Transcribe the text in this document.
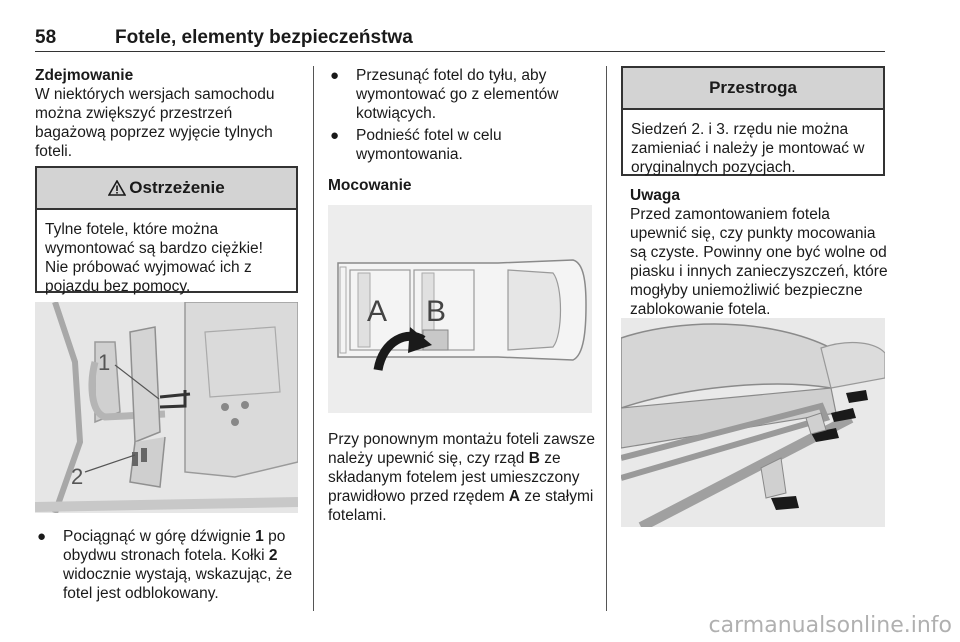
58	Fotele, elementy bezpieczeństwa
Zdejmowanie
W niektórych wersjach samochodu można zwiększyć przestrzeń bagażową poprzez wyjęcie tylnych foteli.
Ostrzeżenie
Tylne fotele, które można wymontować są bardzo ciężkie! Nie próbować wyjmować ich z pojazdu bez pomocy.
1
2
●	Pociągnąć w górę dźwignie 1 po obydwu stronach fotela. Kołki 2 widocznie wystają, wskazując, że fotel jest odblokowany.
●	Przesunąć fotel do tyłu, aby wymontować go z elementów kotwiących.
●	Podnieść fotel w celu wymontowania.
Mocowanie
A B
Przy ponownym montażu foteli zawsze należy upewnić się, czy rząd B ze składanym fotelem jest umieszczony prawidłowo przed rzędem A ze stałymi fotelami.
Przestroga
Siedzeń 2. i 3. rzędu nie można zamieniać i należy je montować w oryginalnych pozycjach.
Uwaga
Przed zamontowaniem fotela upewnić się, czy punkty mocowania są czyste. Powinny one być wolne od piasku i innych zanieczyszczeń, które mogłyby uniemożliwić bezpieczne zablokowanie fotela.
carmanualsonline.info
